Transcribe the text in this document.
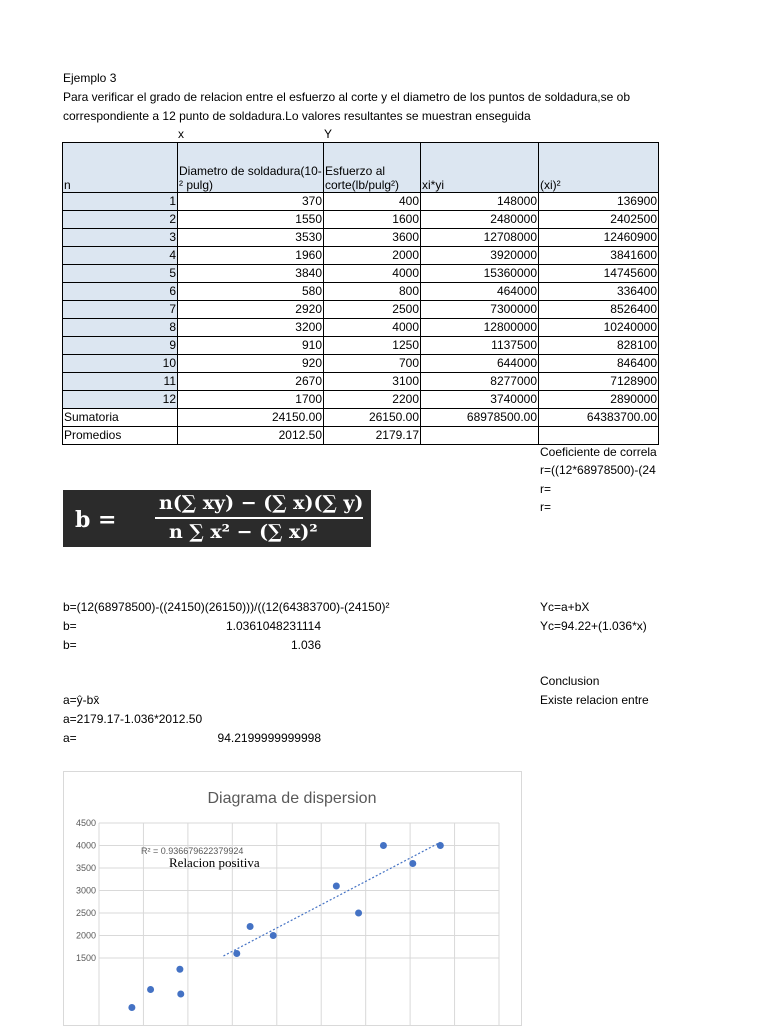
Ejemplo 3
Para verificar el grado de relacion entre el esfuerzo al corte y el diametro de los puntos de soldadura,se ob
correspondiente a 12 punto de soldadura.Lo valores resultantes se muestran enseguida
x	Y
n	Diametro de soldadura(10-² pulg)	Esfuerzo al corte(lb/pulg²)	xi*yi	(xi)²
1	370	400	148000	136900
2	1550	1600	2480000	2402500
3	3530	3600	12708000	12460900
4	1960	2000	3920000	3841600
5	3840	4000	15360000	14745600
6	580	800	464000	336400
7	2920	2500	7300000	8526400
8	3200	4000	12800000	10240000
9	910	1250	1137500	828100
10	920	700	644000	846400
11	2670	3100	8277000	7128900
12	1700	2200	3740000	2890000
Sumatoria	24150.00	26150.00	68978500.00	64383700.00
Promedios	2012.50	2179.17		
b =
n(∑ xy) − (∑ x)(∑ y)
n ∑ x² − (∑ x)²
Coeficiente de correla
r=((12*68978500)-(24
r=
r=
b=(12(68978500)-((24150)(26150)))/((12(64383700)-(24150)²
b=	1.0361048231114
b=	1.036
Yc=a+bX
Yc=94.22+(1.036*x)
Conclusion
Existe relacion entre
a=ŷ-bx̄
a=2179.17-1.036*2012.50
a=	94.2199999999998
Diagrama de dispersion
4500
4000
3500
3000
2500
2000
1500
R² = 0.936679622379924
Relacion positiva
